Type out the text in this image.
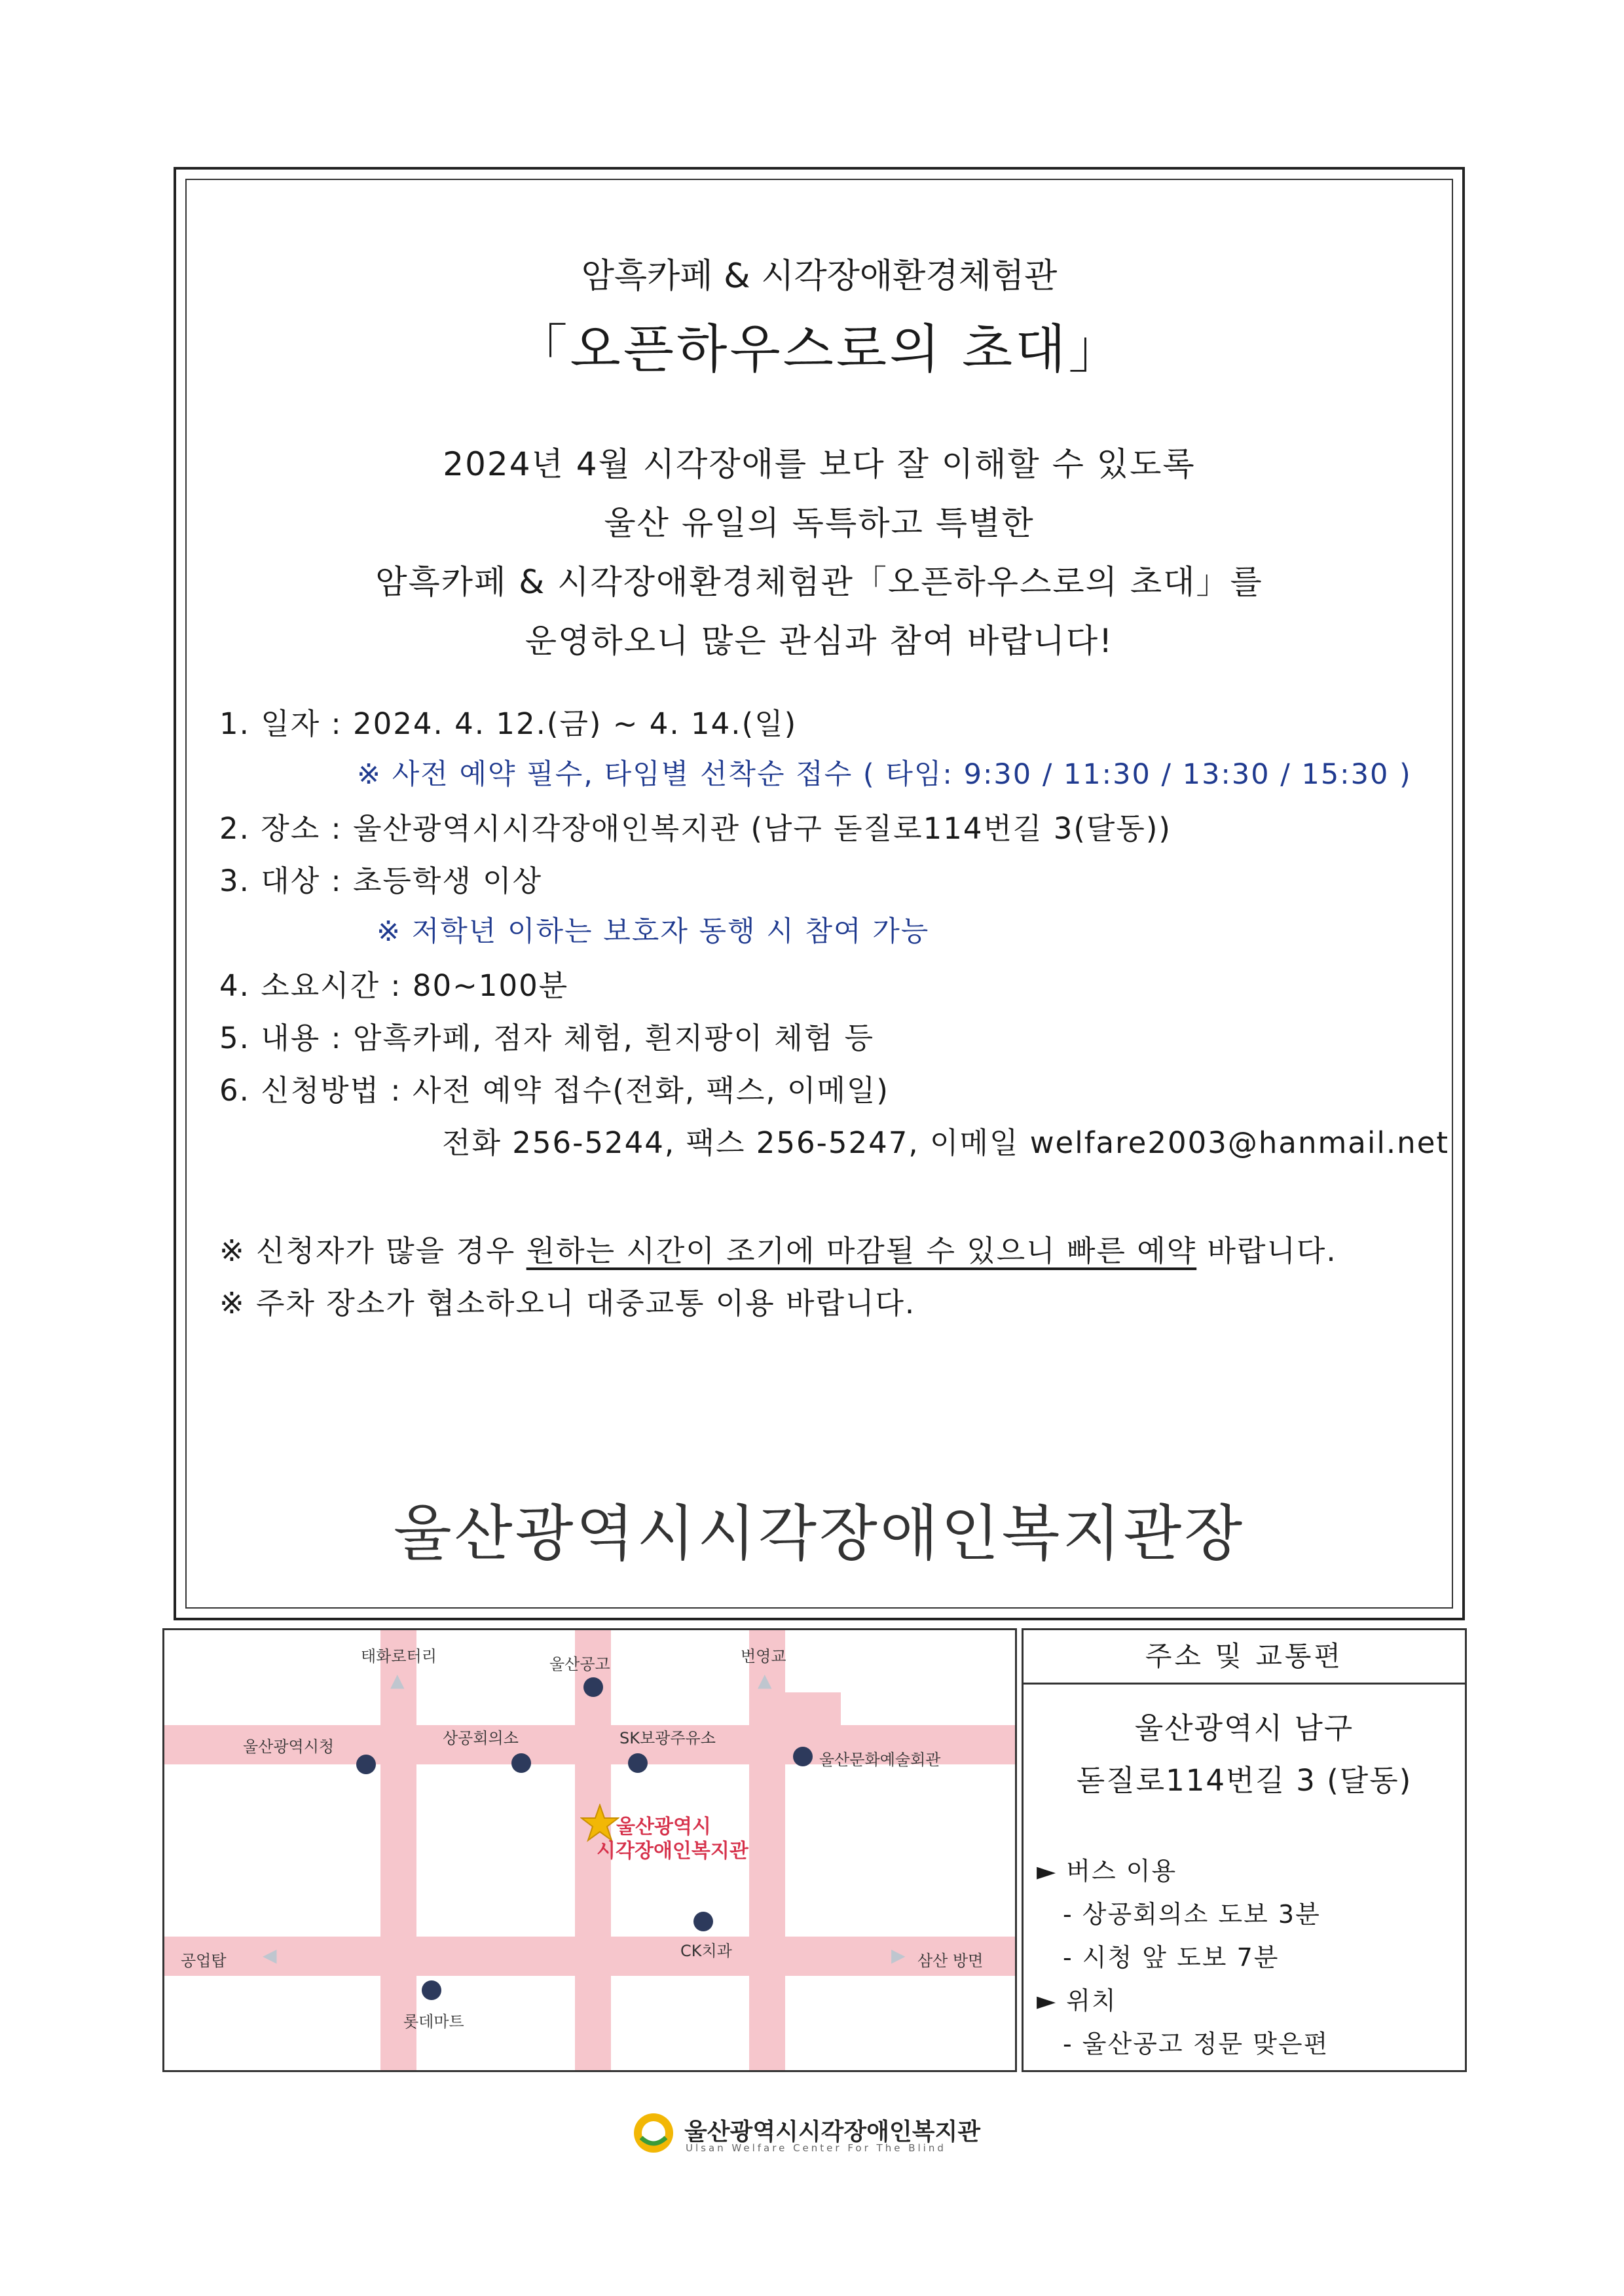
암흑카페 & 시각장애환경체험관
「오픈하우스로의 초대」
2024년 4월 시각장애를 보다 잘 이해할 수 있도록
울산 유일의 독특하고 특별한
암흑카페 & 시각장애환경체험관「오픈하우스로의 초대」를
운영하오니 많은 관심과 참여 바랍니다!
1. 일자 : 2024. 4. 12.(금) ~ 4. 14.(일)
※ 사전 예약 필수, 타임별 선착순 접수 ( 타임: 9:30 / 11:30 / 13:30 / 15:30 )
2. 장소 : 울산광역시시각장애인복지관 (남구 돋질로114번길 3(달동))
3. 대상 : 초등학생 이상
※ 저학년 이하는 보호자 동행 시 참여 가능
4. 소요시간 : 80~100분
5. 내용 : 암흑카페, 점자 체험, 흰지팡이 체험 등
6. 신청방법 : 사전 예약 접수(전화, 팩스, 이메일)
전화 256-5244, 팩스 256-5247, 이메일 welfare2003@hanmail.net
※ 신청자가 많을 경우 원하는 시간이 조기에 마감될 수 있으니 빠른 예약 바랍니다.
※ 주차 장소가 협소하오니 대중교통 이용 바랍니다.
울산광역시시각장애인복지관장
▲
태화로터리	울산공고
▲
번영교
울산광역시청	상공회의소	SK보광주유소
울산문화예술회관
울산광역시
시각장애인복지관
CK치과
◀
공업탑	▶ 삼산 방면
롯데마트
주소 및 교통편
울산광역시 남구
돋질로114번길 3 (달동)
► 버스 이용
- 상공회의소 도보 3분
- 시청 앞 도보 7분
► 위치
- 울산공고 정문 맞은편
울산광역시시각장애인복지관
Ulsan Welfare Center For The Blind
